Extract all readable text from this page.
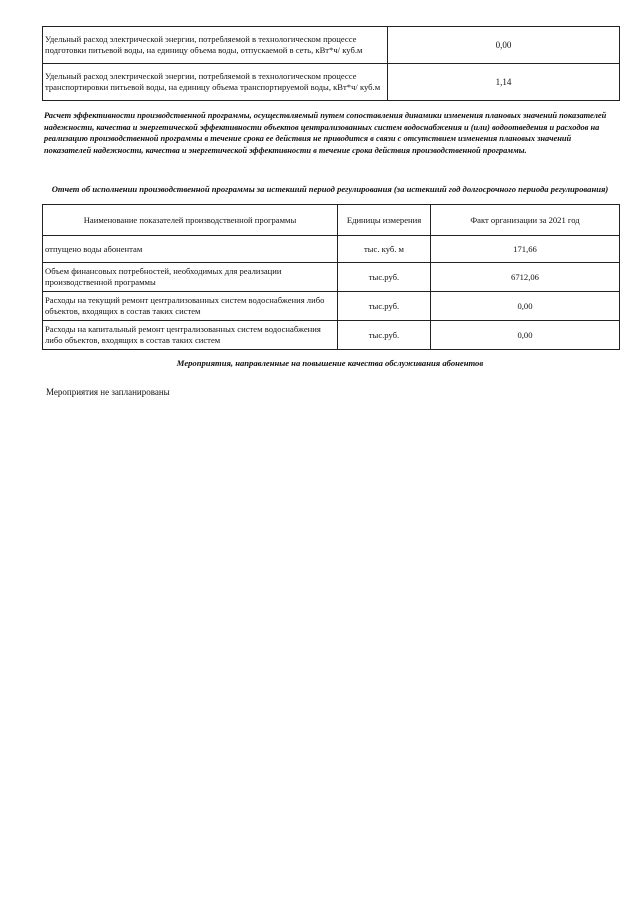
Удельный расход электрической энергии, потребляемой в технологическом процессе подготовки питьевой воды, на единицу объема воды, отпускаемой в сеть, кВт*ч/ куб.м	0,00
Удельный расход электрической энергии, потребляемой в технологическом процессе транспортировки питьевой воды, на единицу объема транспортируемой воды, кВт*ч/ куб.м	1,14
Расчет эффективности производственной программы, осуществляемый путем сопоставления динамики изменения плановых значений показателей надежности, качества и энергетической эффективности объектов централизованных систем водоснабжения и (или) водоотведения и расходов на реализацию производственной программы в течение срока ее действия не приводится в связи с отсутствием изменения плановых значений показателей надежности, качества и энергетической эффективности в течение срока действия производственной программы.
Отчет об исполнении производственной программы за истекший период регулирования (за истекший год долгосрочного периода регулирования)
Наименование показателей производственной программы	Единицы измерения	Факт организации за 2021 год
отпущено воды абонентам	тыс. куб. м	171,66
Объем финансовых потребностей, необходимых для реализации производственной программы	тыс.руб.	6712,06
Расходы на текущий ремонт централизованных систем водоснабжения либо объектов, входящих в состав таких систем	тыс.руб.	0,00
Расходы на капитальный ремонт централизованных систем водоснабжения либо объектов, входящих в состав таких систем	тыс.руб.	0,00
Мероприятия, направленные на повышение качества обслуживания абонентов
Мероприятия не запланированы
